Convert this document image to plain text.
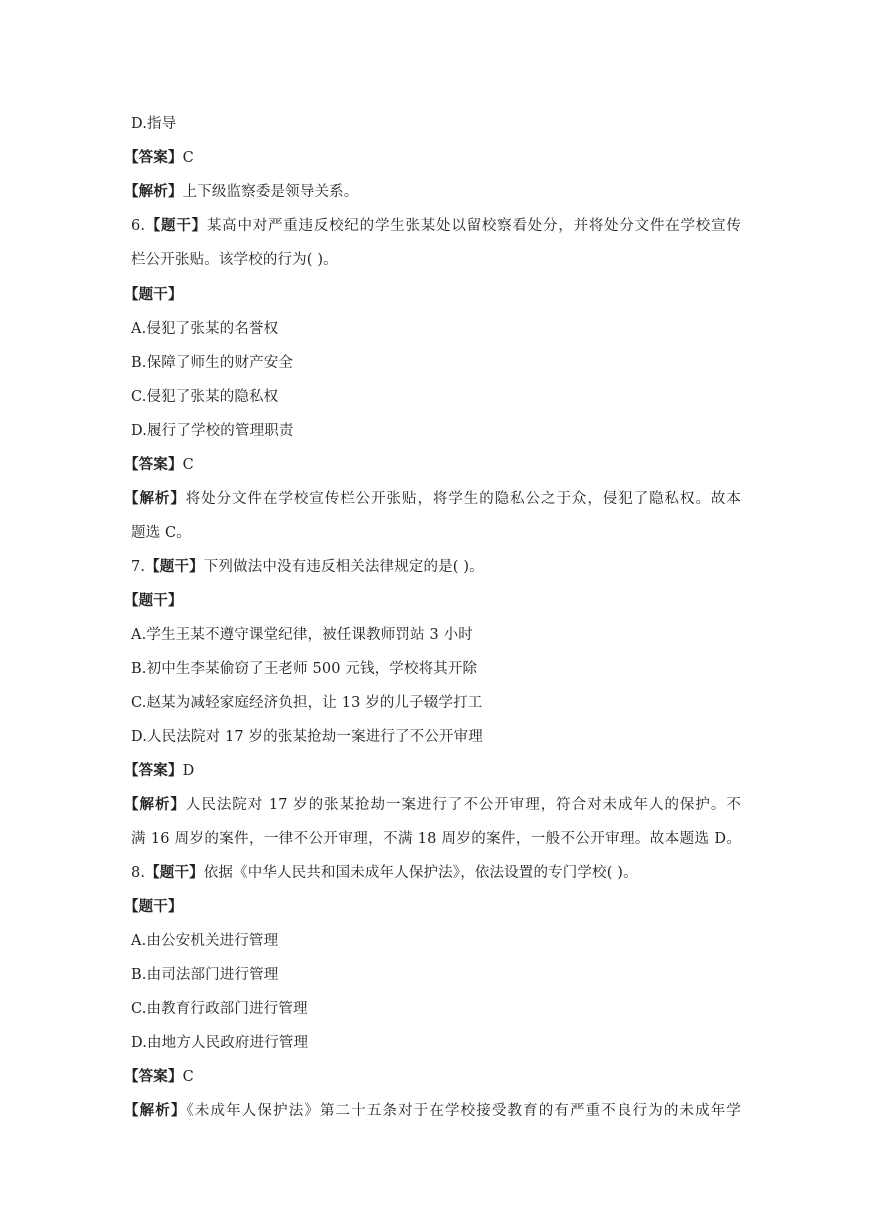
D.指导
【答案】C
【解析】上下级监察委是领导关系。
6.【题干】某高中对严重违反校纪的学生张某处以留校察看处分，并将处分文件在学校宣传
栏公开张贴。该学校的行为( )。
【题干】
A.侵犯了张某的名誉权
B.保障了师生的财产安全
C.侵犯了张某的隐私权
D.履行了学校的管理职责
【答案】C
【解析】将处分文件在学校宣传栏公开张贴，将学生的隐私公之于众，侵犯了隐私权。故本
题选 C。
7.【题干】下列做法中没有违反相关法律规定的是( )。
【题干】
A.学生王某不遵守课堂纪律，被任课教师罚站 3 小时
B.初中生李某偷窃了王老师 500 元钱，学校将其开除
C.赵某为减轻家庭经济负担，让 13 岁的儿子辍学打工
D.人民法院对 17 岁的张某抢劫一案进行了不公开审理
【答案】D
【解析】人民法院对 17 岁的张某抢劫一案进行了不公开审理，符合对未成年人的保护。不
满 16 周岁的案件，一律不公开审理，不满 18 周岁的案件，一般不公开审理。故本题选 D。
8.【题干】依据《中华人民共和国未成年人保护法》，依法设置的专门学校( )。
【题干】
A.由公安机关进行管理
B.由司法部门进行管理
C.由教育行政部门进行管理
D.由地方人民政府进行管理
【答案】C
【解析】《未成年人保护法》第二十五条对于在学校接受教育的有严重不良行为的未成年学
